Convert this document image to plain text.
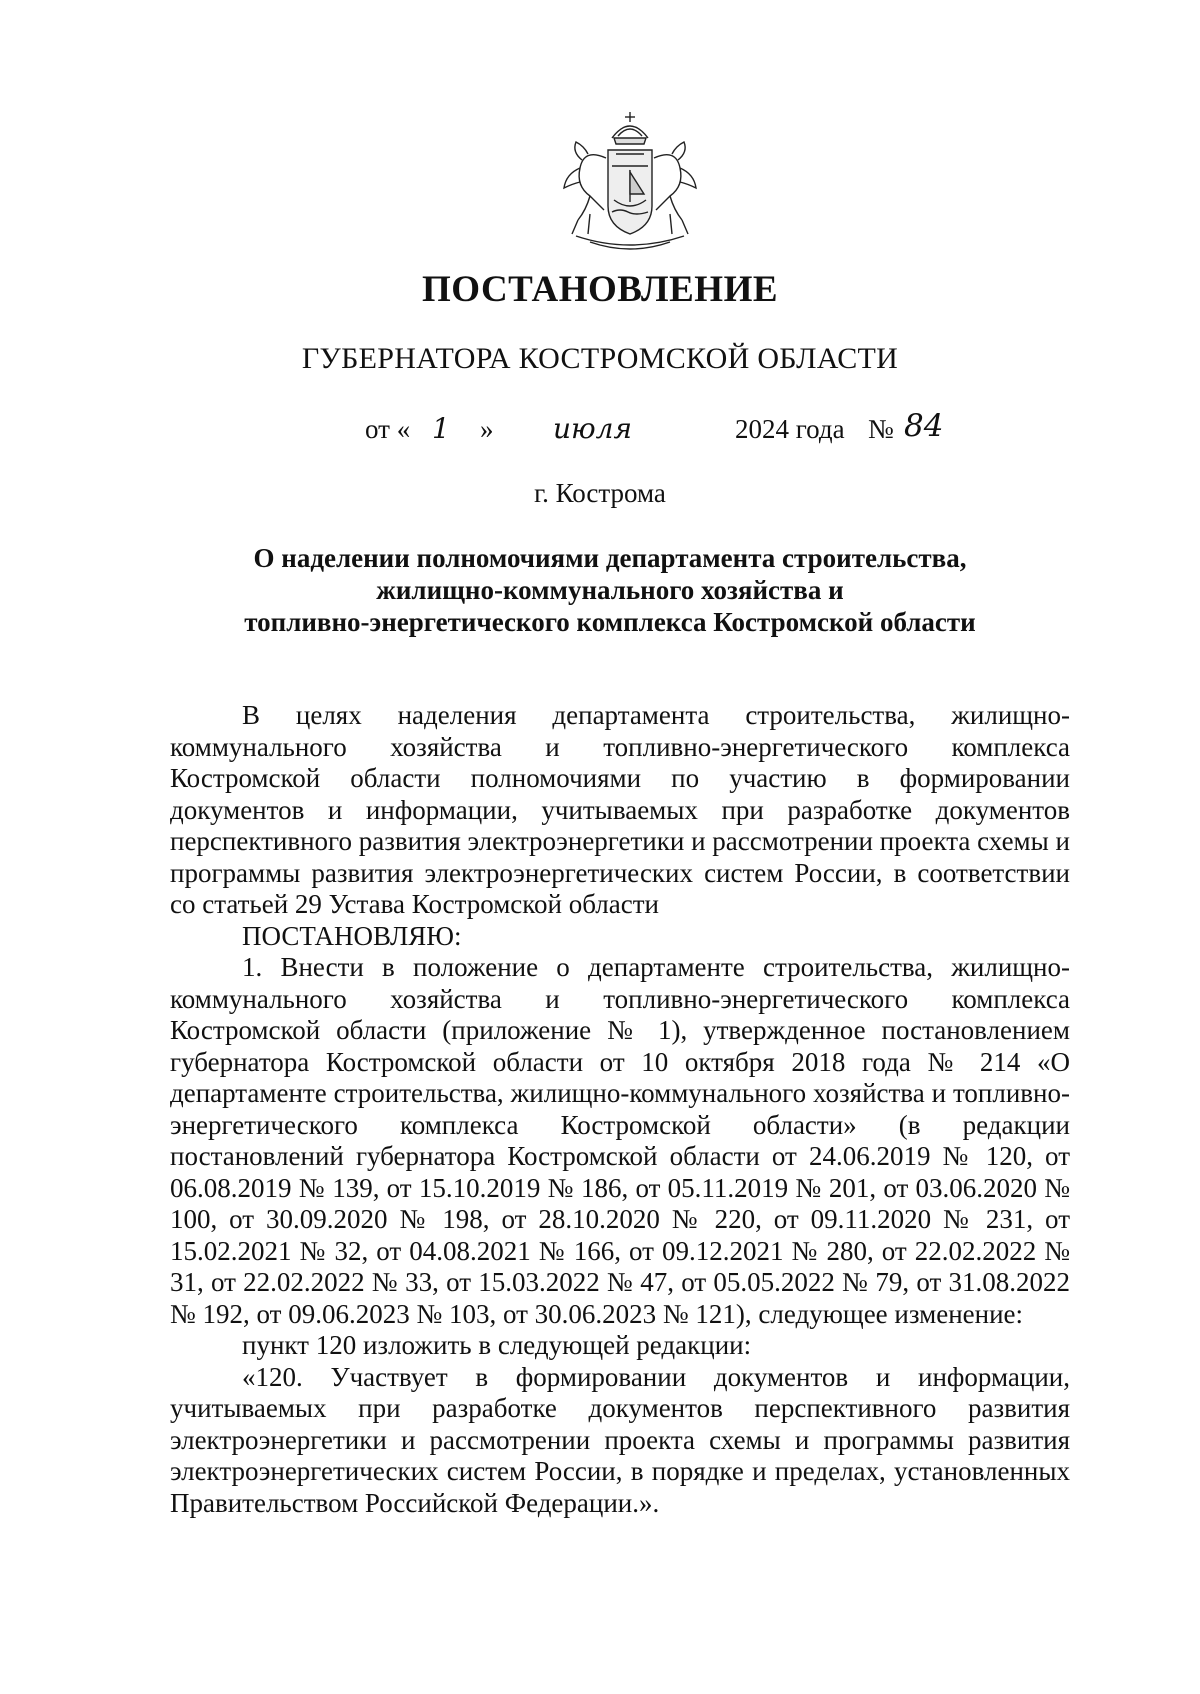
ПОСТАНОВЛЕНИЕ
ГУБЕРНАТОРА КОСТРОМСКОЙ ОБЛАСТИ
от « 1 » июля	2024 года № 84
г. Кострома
О наделении полномочиями департамента строительства,
жилищно-коммунального хозяйства и
топливно-энергетического комплекса Костромской области

В целях наделения департамента строительства, жилищно-коммунального хозяйства и топливно-энергетического комплекса Костромской области полномочиями по участию в формировании документов и информации, учитываемых при разработке документов перспективного развития электроэнергетики и рассмотрении проекта схемы и программы развития электроэнергетических систем России, в соответствии со статьей 29 Устава Костромской области

ПОСТАНОВЛЯЮ:

1. Внести в положение о департаменте строительства, жилищно-коммунального хозяйства и топливно-энергетического комплекса Костромской области (приложение № 1), утвержденное постановлением губернатора Костромской области от 10 октября 2018 года № 214 «О департаменте строительства, жилищно-коммунального хозяйства и топливно-энергетического комплекса Костромской области» (в редакции постановлений губернатора Костромской области от 24.06.2019 № 120, от 06.08.2019 № 139, от 15.10.2019 № 186, от 05.11.2019 № 201, от 03.06.2020 № 100, от 30.09.2020 № 198, от 28.10.2020 № 220, от 09.11.2020 № 231, от 15.02.2021 № 32, от 04.08.2021 № 166, от 09.12.2021 № 280, от 22.02.2022 № 31, от 22.02.2022 № 33, от 15.03.2022 № 47, от 05.05.2022 № 79, от 31.08.2022 № 192, от 09.06.2023 № 103, от 30.06.2023 № 121), следующее изменение:

пункт 120 изложить в следующей редакции:

«120. Участвует в формировании документов и информации, учитываемых при разработке документов перспективного развития электроэнергетики и рассмотрении проекта схемы и программы развития электроэнергетических систем России, в порядке и пределах, установленных Правительством Российской Федерации.».
